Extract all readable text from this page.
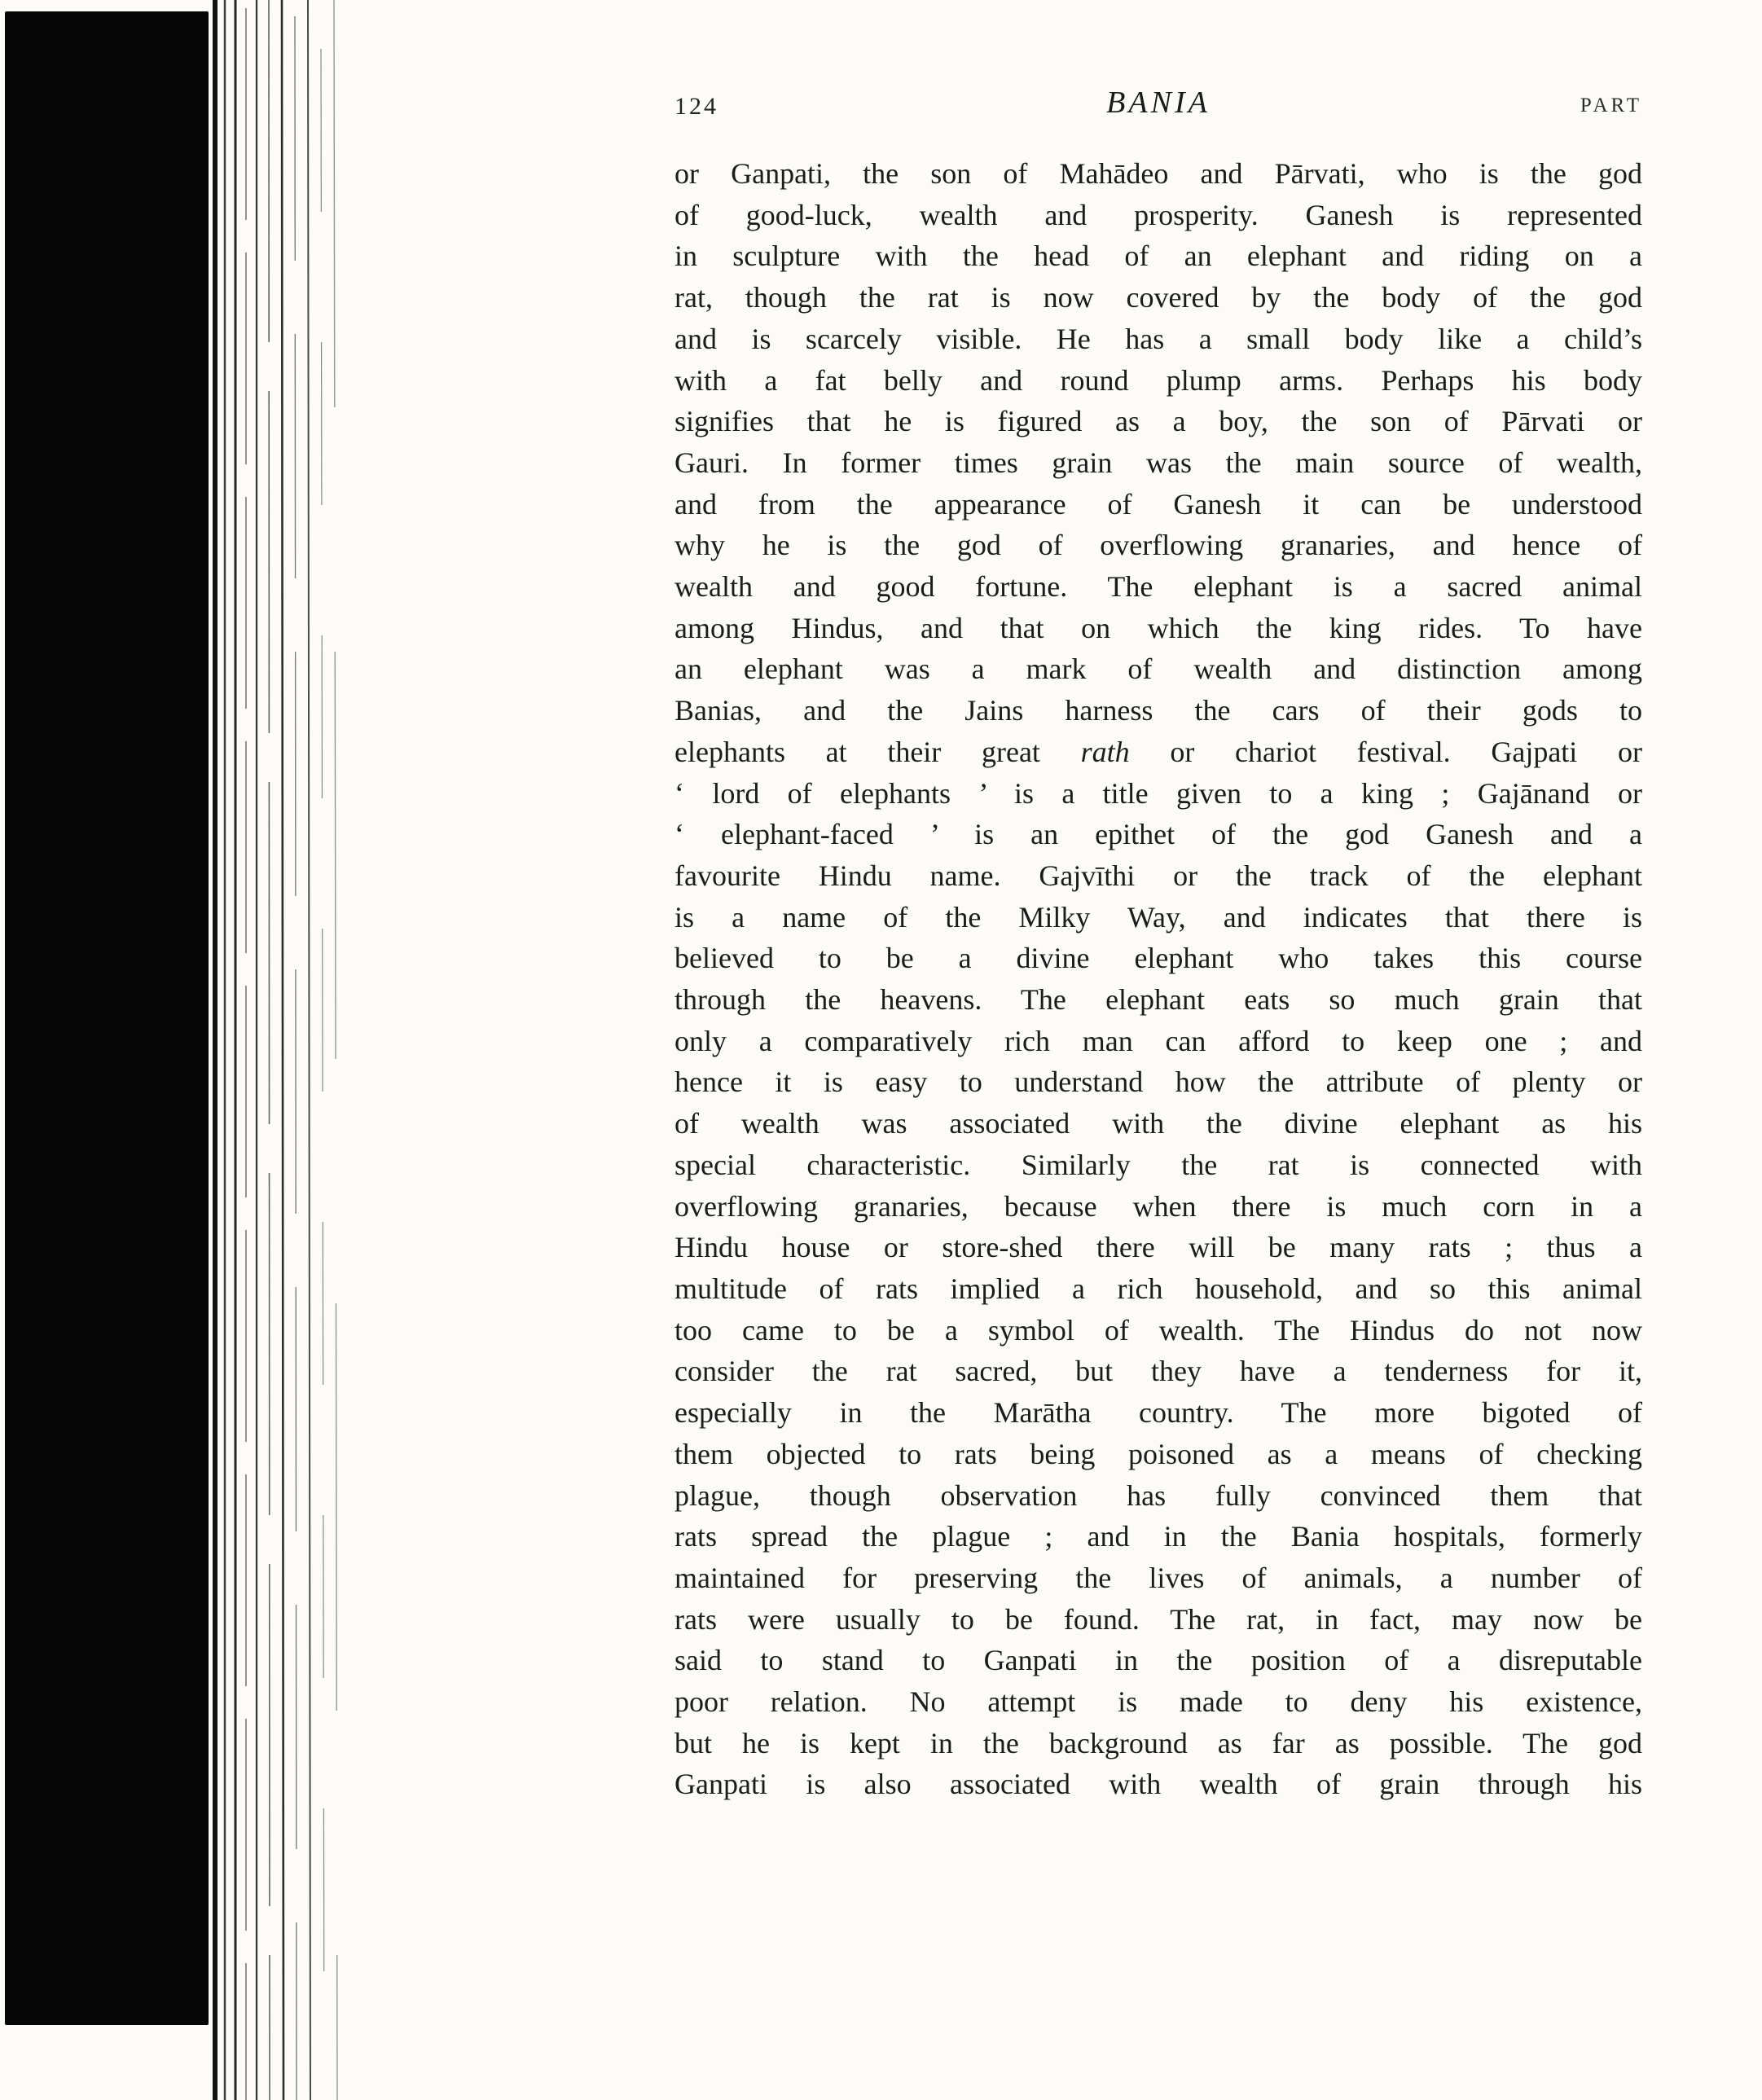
124	BANIA	PART
or Ganpati, the son of Mahādeo and Pārvati, who is the god
of good-luck, wealth and prosperity. Ganesh is represented
in sculpture with the head of an elephant and riding on a
rat, though the rat is now covered by the body of the god
and is scarcely visible. He has a small body like a child’s
with a fat belly and round plump arms. Perhaps his body
signifies that he is figured as a boy, the son of Pārvati or
Gauri. In former times grain was the main source of wealth,
and from the appearance of Ganesh it can be understood
why he is the god of overflowing granaries, and hence of
wealth and good fortune. The elephant is a sacred animal
among Hindus, and that on which the king rides. To have
an elephant was a mark of wealth and distinction among
Banias, and the Jains harness the cars of their gods to
elephants at their great rath or chariot festival. Gajpati or
‘ lord of elephants ’ is a title given to a king ; Gajānand or
‘ elephant-faced ’ is an epithet of the god Ganesh and a
favourite Hindu name. Gajvīthi or the track of the elephant
is a name of the Milky Way, and indicates that there is
believed to be a divine elephant who takes this course
through the heavens. The elephant eats so much grain that
only a comparatively rich man can afford to keep one ; and
hence it is easy to understand how the attribute of plenty or
of wealth was associated with the divine elephant as his
special characteristic. Similarly the rat is connected with
overflowing granaries, because when there is much corn in a
Hindu house or store-shed there will be many rats ; thus a
multitude of rats implied a rich household, and so this animal
too came to be a symbol of wealth. The Hindus do not now
consider the rat sacred, but they have a tenderness for it,
especially in the Marātha country. The more bigoted of
them objected to rats being poisoned as a means of checking
plague, though observation has fully convinced them that
rats spread the plague ; and in the Bania hospitals, formerly
maintained for preserving the lives of animals, a number of
rats were usually to be found. The rat, in fact, may now be
said to stand to Ganpati in the position of a disreputable
poor relation. No attempt is made to deny his existence,
but he is kept in the background as far as possible. The god
Ganpati is also associated with wealth of grain through his
